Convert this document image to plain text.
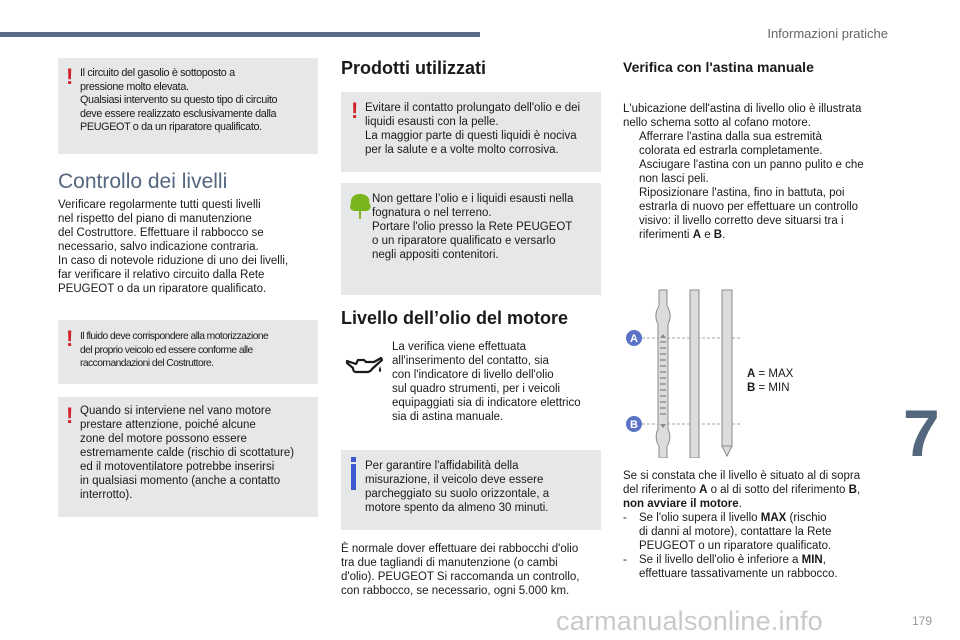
Informazioni pratiche
! Il circuito del gasolio è sottoposto a

pressione molto elevata.

Qualsiasi intervento su questo tipo di circuito

deve essere realizzato esclusivamente dalla

PEUGEOT o da un riparatore qualificato.

Controllo dei livelli

Verificare regolarmente tutti questi livelli

nel rispetto del piano di manutenzione

del Costruttore. Effettuare il rabbocco se

necessario, salvo indicazione contraria.

In caso di notevole riduzione di uno dei livelli,

far verificare il relativo circuito dalla Rete

PEUGEOT o da un riparatore qualificato.

! Il fluido deve corrispondere alla motorizzazione

del proprio veicolo ed essere conforme alle

raccomandazioni del Costruttore.

! Quando si interviene nel vano motore

prestare attenzione, poiché alcune

zone del motore possono essere

estremamente calde (rischio di scottature)

ed il motoventilatore potrebbe inserirsi

in qualsiasi momento (anche a contatto

interrotto).

Prodotti utilizzati
! Evitare il contatto prolungato dell'olio e dei

liquidi esausti con la pelle.

La maggior parte di questi liquidi è nociva

per la salute e a volte molto corrosiva.

Non gettare l’olio e i liquidi esausti nella

fognatura o nel terreno.

Portare l'olio presso la Rete PEUGEOT

o un riparatore qualificato e versarlo

negli appositi contenitori.

Livello dell’olio del motore

La verifica viene effettuata

all'inserimento del contatto, sia

con l'indicatore di livello dell'olio

sul quadro strumenti, per i veicoli

equipaggiati sia di indicatore elettrico

sia di astina manuale.

Per garantire l'affidabilità della

misurazione, il veicolo deve essere

parcheggiato su suolo orizzontale, a

motore spento da almeno 30 minuti.

È normale dover effettuare dei rabbocchi d'olio

tra due tagliandi di manutenzione (o cambi

d'olio). PEUGEOT Si raccomanda un controllo,

con rabbocco, se necessario, ogni 5.000 km.

Verifica con l'astina manuale

L'ubicazione dell'astina di livello olio è illustrata

nello schema sotto al cofano motore.

Afferrare l'astina dalla sua estremità

colorata ed estrarla completamente.

Asciugare l'astina con un panno pulito e che

non lasci peli.

Riposizionare l'astina, fino in battuta, poi

estrarla di nuovo per effettuare un controllo

visivo: il livello corretto deve situarsi tra i

riferimenti A e B.

A
B

A = MAX

B = MIN

Se si constata che il livello è situato al di sopra

del riferimento A o al di sotto del riferimento B,

non avviare il motore.

-	Se l'olio supera il livello MAX (rischio

di danni al motore), contattare la Rete

PEUGEOT o un riparatore qualificato.

-	Se il livello dell'olio è inferiore a MIN,

effettuare tassativamente un rabbocco.

7
carmanualsonline.info	179
